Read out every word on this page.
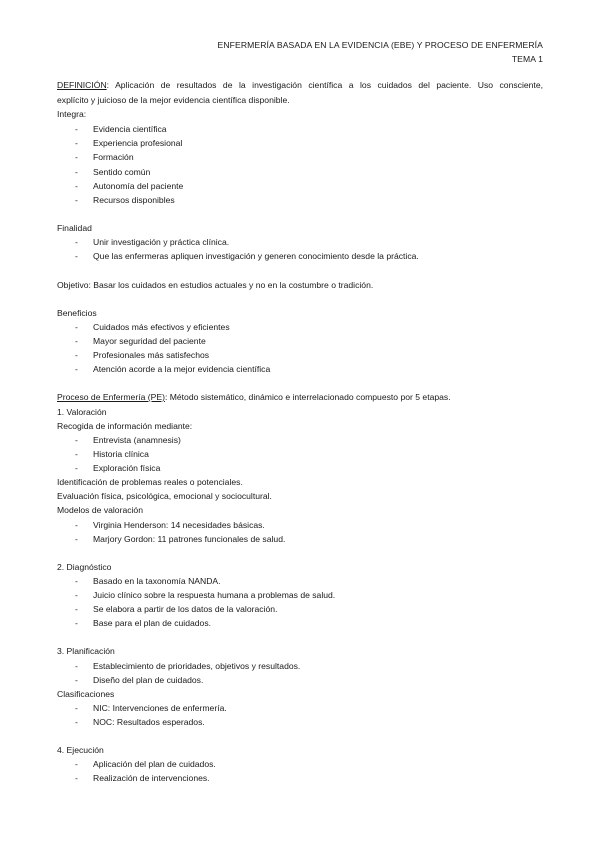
ENFERMERÍA BASADA EN LA EVIDENCIA (EBE) Y PROCESO DE ENFERMERÍA
TEMA 1
DEFINICIÓN: Aplicación de resultados de la investigación científica a los cuidados del paciente. Uso consciente,
explícito y juicioso de la mejor evidencia científica disponible.
Integra:
- Evidencia científica
- Experiencia profesional
- Formación
- Sentido común
- Autonomía del paciente
- Recursos disponibles
Finalidad
- Unir investigación y práctica clínica.
- Que las enfermeras apliquen investigación y generen conocimiento desde la práctica.
Objetivo: Basar los cuidados en estudios actuales y no en la costumbre o tradición.
Beneficios
- Cuidados más efectivos y eficientes
- Mayor seguridad del paciente
- Profesionales más satisfechos
- Atención acorde a la mejor evidencia científica
Proceso de Enfermería (PE): Método sistemático, dinámico e interrelacionado compuesto por 5 etapas.
1. Valoración
Recogida de información mediante:
- Entrevista (anamnesis)
- Historia clínica
- Exploración física
Identificación de problemas reales o potenciales.
Evaluación física, psicológica, emocional y sociocultural.
Modelos de valoración
- Virginia Henderson: 14 necesidades básicas.
- Marjory Gordon: 11 patrones funcionales de salud.
2. Diagnóstico
- Basado en la taxonomía NANDA.
- Juicio clínico sobre la respuesta humana a problemas de salud.
- Se elabora a partir de los datos de la valoración.
- Base para el plan de cuidados.
3. Planificación
- Establecimiento de prioridades, objetivos y resultados.
- Diseño del plan de cuidados.
Clasificaciones
- NIC: Intervenciones de enfermería.
- NOC: Resultados esperados.
4. Ejecución
- Aplicación del plan de cuidados.
- Realización de intervenciones.
